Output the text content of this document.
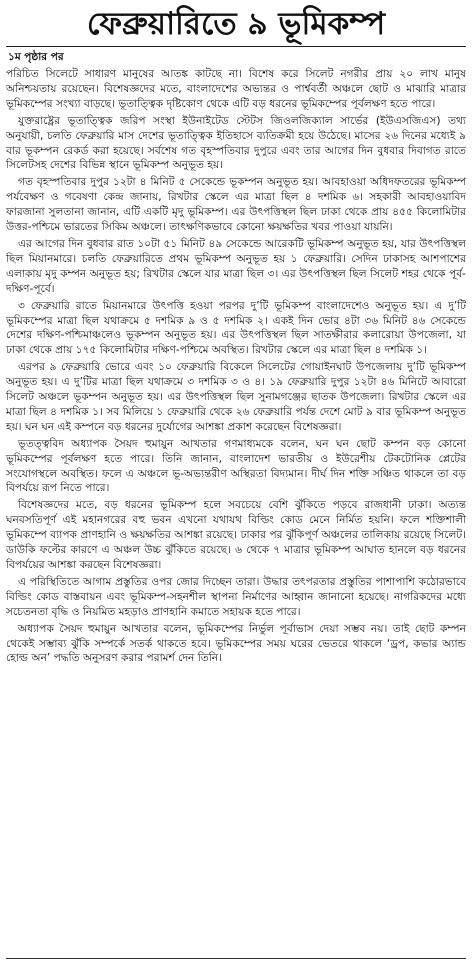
ফেব্রুয়ারিতে ৯ ভূমিকম্প
১ম পৃষ্ঠার পর

পরিচিত সিলেটে সাধারণ মানুষের আতঙ্ক কাটছে না। বিশেষ করে সিলেট নগরীর প্রায় ২০ লাখ মানুষ অনিশ্চয়তায় রয়েছেন। বিশেষজ্ঞদের মতে, বাংলাদেশের অভ্যন্তর ও পার্শ্ববর্তী অঞ্চলে ছোট ও মাঝারি মাত্রার ভূমিকম্পের সংখ্যা বাড়ছে। ভূতাত্ত্বিক দৃষ্টিকোণ থেকে এটি বড় ধরনের ভূমিকম্পের পূর্বলক্ষণ হতে পারে।

যুক্তরাষ্ট্রের ভূতাত্ত্বিক জরিপ সংস্থা ইউনাইটেড স্টেটস জিওলজিক্যাল সার্ভের (ইউএসজিএস) তথ্য অনুযায়ী, চলতি ফেব্রুয়ারি মাস দেশের ভূতাত্ত্বিক ইতিহাসে ব্যতিক্রমী হয়ে উঠেছে। মাসের ২৬ দিনের মধ্যেই ৯ বার ভূকম্পন রেকর্ড করা হয়েছে। সর্বশেষ গত বৃহস্পতিবার দুপুরে এবং তার আগের দিন বুধবার দিবাগত রাতে সিলেটসহ দেশের বিভিন্ন স্থানে ভূমিকম্প অনুভূত হয়।

গত বৃহস্পতিবার দুপুর ১২টা ৪ মিনিট ৫ সেকেন্ডে ভূকম্পন অনুভূত হয়। আবহাওয়া অধিদফতরের ভূমিকম্প পর্যবেক্ষণ ও গবেষণা কেন্দ্র জানায়, রিখটার স্কেলে এর মাত্রা ছিল ৪ দশমিক ৬। সহকারী আবহাওয়াবিদ ফারজানা সুলতানা জানান, এটি একটি মৃদু ভূমিকম্প। এর উৎপত্তিস্থল ছিল ঢাকা থেকে প্রায় ৪৫৫ কিলোমিটার উত্তর-পশ্চিমে ভারতের সিকিম অঞ্চলে। তাৎক্ষণিকভাবে কোনো ক্ষয়ক্ষতির খবর পাওয়া যায়নি।

এর আগের দিন বুধবার রাত ১০টা ৫১ মিনিট ৪৯ সেকেন্ডে আরেকটি ভূমিকম্প অনুভূত হয়, যার উৎপত্তিস্থল ছিল মিয়ানমারে। চলতি ফেব্রুয়ারিতে প্রথম ভূমিকম্প অনুভূত হয় ১ ফেব্রুয়ারি। সেদিন ঢাকাসহ আশপাশের এলাকায় মৃদু কম্পন অনুভূত হয়; রিখটার স্কেলে যার মাত্রা ছিল ৩। এর উৎপত্তিস্থল ছিল সিলেট শহর থেকে পূর্ব-দক্ষিণ-পূর্বে।

৩ ফেব্রুয়ারি রাতে মিয়ানমারে উৎপত্তি হওয়া পরপর দু’টি ভূমিকম্প বাংলাদেশেও অনুভূত হয়। এ দু’টি ভূমিকম্পের মাত্রা ছিল যথাক্রমে ৫ দশমিক ৯ ও ৫ দশমিক ২। একই দিন ভোর ৪টা ৩৬ মিনিট ৪৬ সেকেন্ডে দেশের দক্ষিণ-পশ্চিমাঞ্চলেও ভূকম্পন অনুভূত হয়। এর উৎপত্তিস্থল ছিল সাতক্ষীরার কলারোয়া উপজেলা, যা ঢাকা থেকে প্রায় ১৭৫ কিলোমিটার দক্ষিণ-পশ্চিমে অবস্থিত। রিখটার স্কেলে এর মাত্রা ছিল ৪ দশমিক ১।

এরপর ৯ ফেব্রুয়ারি ভোরে এবং ১০ ফেব্রুয়ারি বিকেলে সিলেটের গোয়াইনঘাট উপজেলায় দু’টি ভূমিকম্প অনুভূত হয়। এ দু’টির মাত্রা ছিল যথাক্রমে ৩ দশমিক ৩ ও ৪। ১৯ ফেব্রুয়ারি দুপুর ১২টা ৪৬ মিনিটে আবারো সিলেট অঞ্চলে ভূকম্পন অনুভূত হয়। এর উৎপত্তিস্থল ছিল সুনামগঞ্জের ছাতক উপজেলা। রিখটার স্কেলে এর মাত্রা ছিল ৪ দশমিক ১। সব মিলিয়ে ১ ফেব্রুয়ারি থেকে ২৬ ফেব্রুয়ারি পর্যন্ত দেশে মোট ৯ বার ভূমিকম্প অনুভূত হয়। ঘন ঘন এই কম্পনে বড় ধরনের দুর্যোগের আশঙ্কা প্রকাশ করেছেন বিশেষজ্ঞরা।

ভূতত্ত্ববিদ অধ্যাপক সৈয়দ হুমায়ুন আখতার গণমাধ্যমকে বলেন, ঘন ঘন ছোট কম্পন বড় কোনো ভূমিকম্পের পূর্বলক্ষণ হতে পারে। তিনি জানান, বাংলাদেশ ভারতীয় ও ইউরেশীয় টেকটোনিক প্লেটের সংযোগস্থলে অবস্থিত। ফলে এ অঞ্চলে ভূ-অভ্যন্তরীণ অস্থিরতা বিদ্যমান। দীর্ঘ দিন শক্তি সঞ্চিত থাকলে তা বড় বিপর্যয়ে রূপ নিতে পারে।

বিশেষজ্ঞদের মতে, বড় ধরনের ভূমিকম্প হলে সবচেয়ে বেশি ঝুঁকিতে পড়বে রাজধানী ঢাকা। অত্যন্ত ঘনবসতিপূর্ণ এই মহানগরের বহু ভবন এখনো যথাযথ বিল্ডিং কোড মেনে নির্মিত হয়নি। ফলে শক্তিশালী ভূমিকম্পে ব্যাপক প্রাণহানি ও ক্ষয়ক্ষতির আশঙ্কা রয়েছে। ঢাকার পর ঝুঁকিপূর্ণ অঞ্চলের তালিকায় রয়েছে সিলেট। ডাউকি ফল্টের কারণে এ অঞ্চল উচ্চ ঝুঁকিতে রয়েছে। ৬ থেকে ৭ মাত্রার ভূমিকম্প আঘাত হানলে বড় ধরনের বিপর্যয়ের আশঙ্কা করছেন বিশেষজ্ঞরা।

এ পরিস্থিতিতে আগাম প্রস্তুতির ওপর জোর দিচ্ছেন তারা। উদ্ধার তৎপরতার প্রস্তুতির পাশাপাশি কঠোরভাবে বিল্ডিং কোড বাস্তবায়ন এবং ভূমিকম্প-সহনশীল স্থাপনা নির্মাণের আহ্বান জানানো হয়েছে। নাগরিকদের মধ্যে সচেতনতা বৃদ্ধি ও নিয়মিত মহড়াও প্রাণহানি কমাতে সহায়ক হতে পারে।

অধ্যাপক সৈয়দ হুমায়ুন আখতার বলেন, ভূমিকম্পের নির্ভুল পূর্বাভাস দেয়া সম্ভব নয়। তাই ছোট কম্পন থেকেই সম্ভাব্য ঝুঁকি সম্পর্কে সতর্ক থাকতে হবে। ভূমিকম্পের সময় ঘরের ভেতরে থাকলে ‘ড্রপ, কভার অ্যান্ড হোল্ড অন’ পদ্ধতি অনুসরণ করার পরামর্শ দেন তিনি।
